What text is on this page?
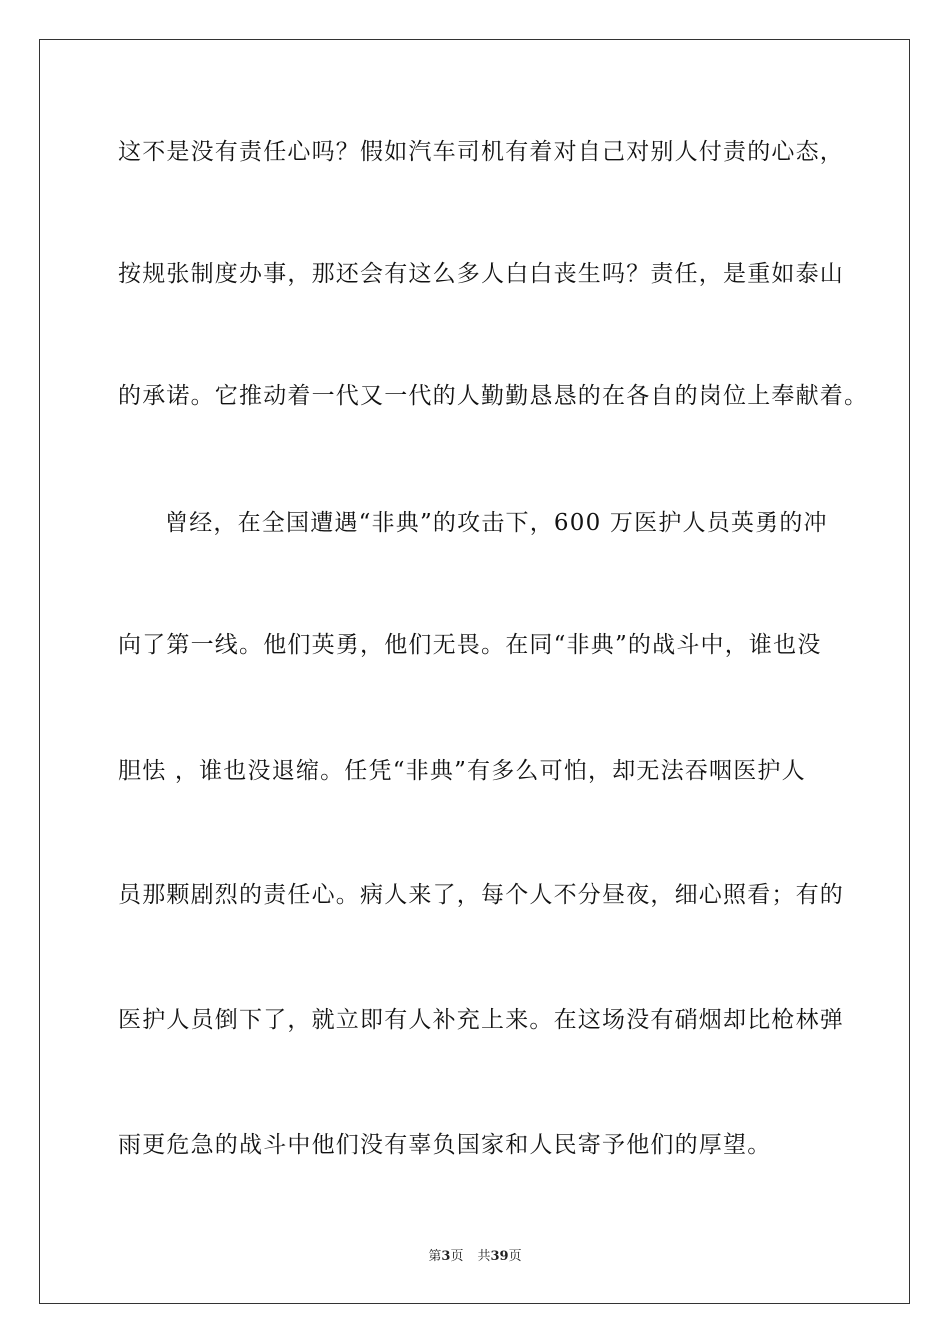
这不是没有责任心吗？假如汽车司机有着对自己对别人付责的心态，
按规张制度办事，那还会有这么多人白白丧生吗？责任，是重如泰山
的承诺。它推动着一代又一代的人勤勤恳恳的在各自的岗位上奉献着。
曾经，在全国遭遇“非典”的攻击下，600 万医护人员英勇的冲
向了第一线。他们英勇，他们无畏。在同“非典”的战斗中，谁也没
胆怯 ，谁也没退缩。任凭“非典”有多么可怕，却无法吞咽医护人
员那颗剧烈的责任心。病人来了，每个人不分昼夜，细心照看；有的
医护人员倒下了，就立即有人补充上来。在这场没有硝烟却比枪林弹
雨更危急的战斗中他们没有辜负国家和人民寄予他们的厚望。
第3页 共39页
